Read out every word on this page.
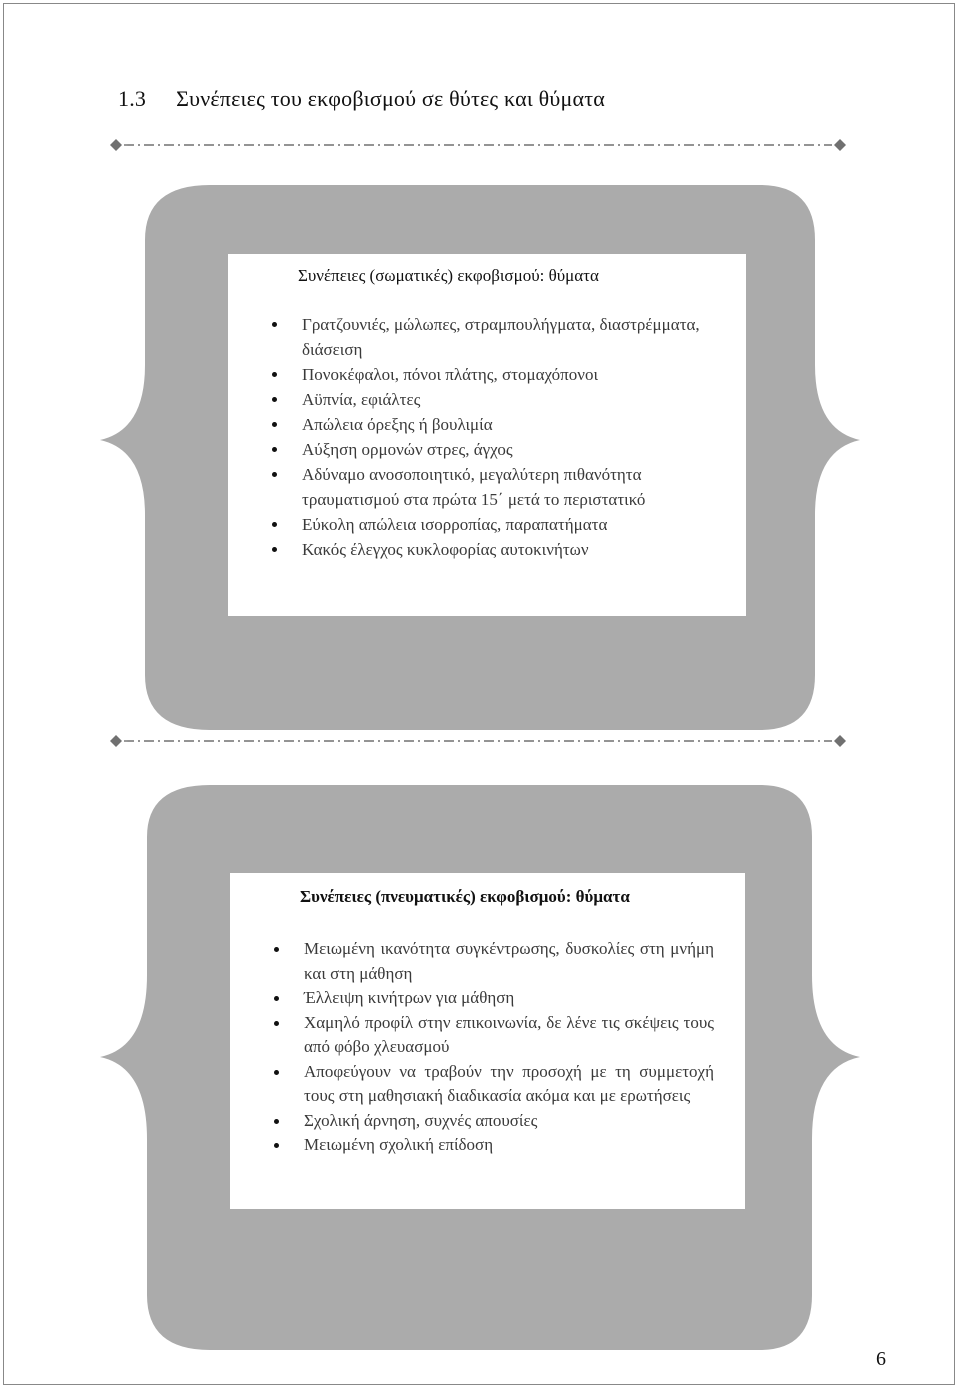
1.3 Συνέπειες του εκφοβισμού σε θύτες και θύματα
Συνέπειες (σωματικές) εκφοβισμού: θύματα
Γρατζουνιές, μώλωπες, στραμπουλήγματα, διαστρέμματα, διάσειση
Πονοκέφαλοι, πόνοι πλάτης, στομαχόπονοι
Αϋπνία, εφιάλτες
Απώλεια όρεξης ή βουλιμία
Αύξηση ορμονών στρες, άγχος
Αδύναμο ανοσοποιητικό, μεγαλύτερη πιθανότητα τραυματισμού στα πρώτα 15΄ μετά το περιστατικό
Εύκολη απώλεια ισορροπίας, παραπατήματα
Κακός έλεγχος κυκλοφορίας αυτοκινήτων
Συνέπειες (πνευματικές) εκφοβισμού: θύματα
Μειωμένη ικανότητα συγκέντρωσης, δυσκολίες στη μνήμη και στη μάθηση
Έλλειψη κινήτρων για μάθηση
Χαμηλό προφίλ στην επικοινωνία, δε λένε τις σκέψεις τους από φόβο χλευασμού
Αποφεύγουν να τραβούν την προσοχή με τη συμμετοχή τους στη μαθησιακή διαδικασία ακόμα και με ερωτήσεις
Σχολική άρνηση, συχνές απουσίες
Μειωμένη σχολική επίδοση
6
